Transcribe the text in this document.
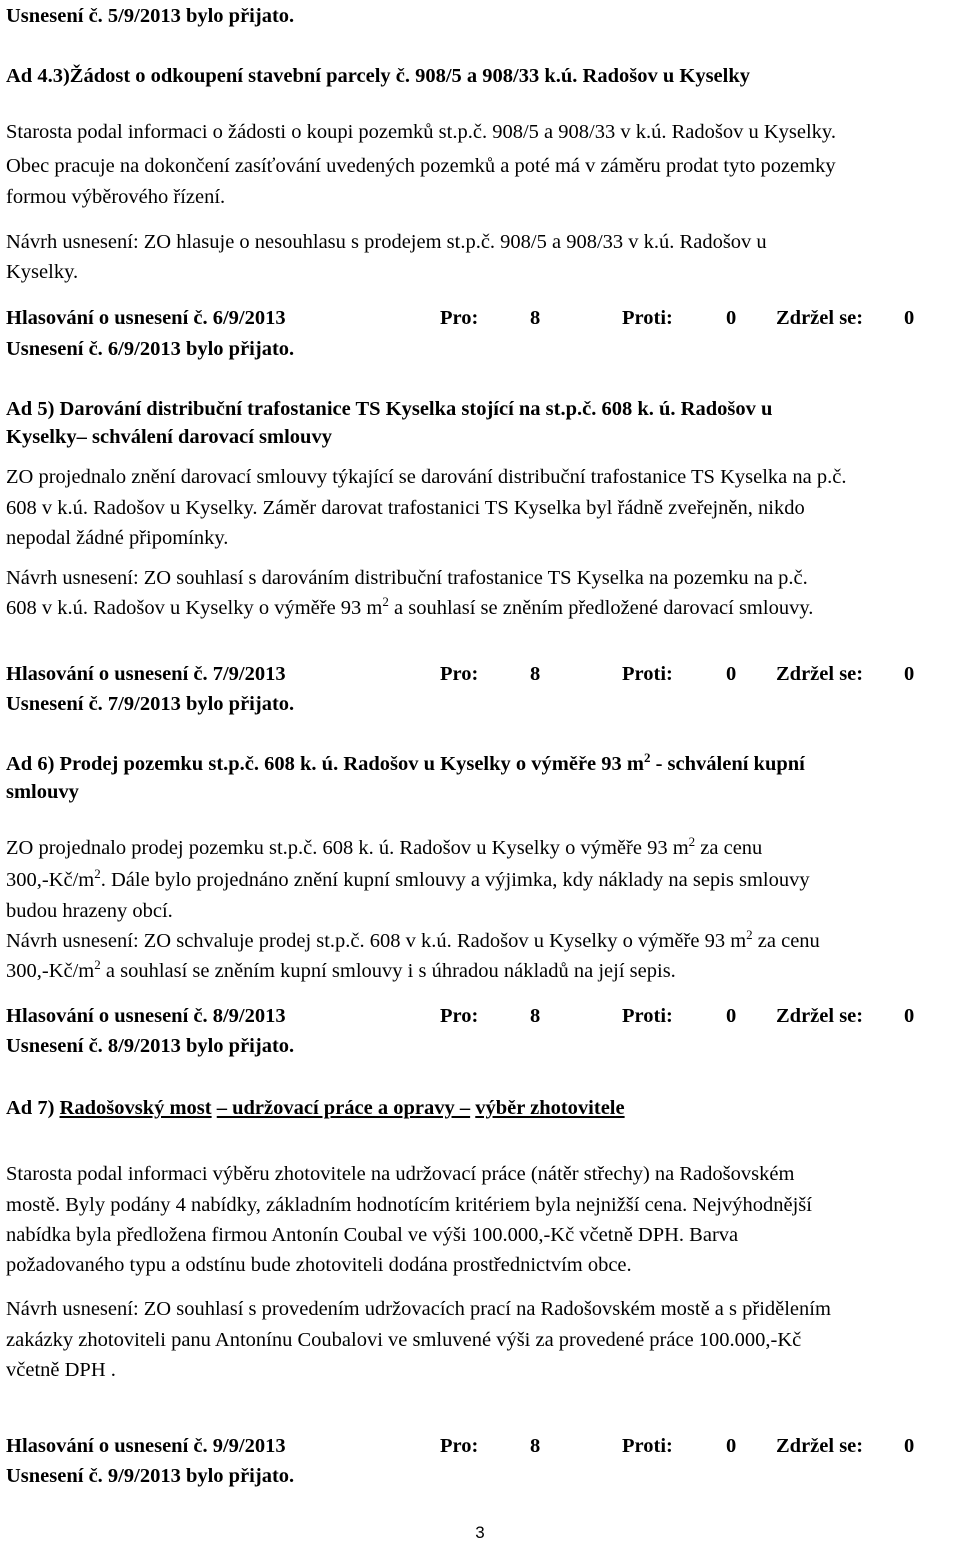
Usnesení č. 5/9/2013 bylo přijato.
Ad 4.3)Žádost o odkoupení stavební parcely č. 908/5 a 908/33 k.ú. Radošov u Kyselky
Starosta podal informaci o žádosti o koupi pozemků st.p.č. 908/5 a 908/33 v k.ú. Radošov u Kyselky.
Obec pracuje na dokončení zasíťování uvedených pozemků a poté má v záměru prodat tyto pozemky
formou výběrového řízení.
Návrh usnesení: ZO hlasuje o nesouhlasu s prodejem st.p.č. 908/5 a 908/33 v k.ú. Radošov u
Kyselky.
Hlasování o usnesení č. 6/9/2013	Pro:	8	Proti:	0 Zdržel se: 0
Usnesení č. 6/9/2013 bylo přijato.
Ad 5) Darování distribuční trafostanice TS Kyselka stojící na st.p.č. 608 k. ú. Radošov u
Kyselky– schválení darovací smlouvy
ZO projednalo znění darovací smlouvy týkající se darování distribuční trafostanice TS Kyselka na p.č.
608 v k.ú. Radošov u Kyselky. Záměr darovat trafostanici TS Kyselka byl řádně zveřejněn, nikdo
nepodal žádné připomínky.
Návrh usnesení: ZO souhlasí s darováním distribuční trafostanice TS Kyselka na pozemku na p.č.
608 v k.ú. Radošov u Kyselky o výměře 93 $m^2$ a souhlasí se zněním předložené darovací smlouvy.
Hlasování o usnesení č. 7/9/2013	Pro:	8	Proti:	0 Zdržel se: 0
Usnesení č. 7/9/2013 bylo přijato.
Ad 6) Prodej pozemku st.p.č. 608 k. ú. Radošov u Kyselky o výměře 93 $m^2$ - schválení kupní
smlouvy
ZO projednalo prodej pozemku st.p.č. 608 k. ú. Radošov u Kyselky o výměře 93 $m^2$ za cenu
$300,-Kč/m^2$. Dále bylo projednáno znění kupní smlouvy a výjimka, kdy náklady na sepis smlouvy
budou hrazeny obcí.
Návrh usnesení: ZO schvaluje prodej st.p.č. 608 v k.ú. Radošov u Kyselky o výměře 93 $m^2$ za cenu
$300,-Kč/m^2$ a souhlasí se zněním kupní smlouvy i s úhradou nákladů na její sepis.
Hlasování o usnesení č. 8/9/2013	Pro:	8	Proti:	0 Zdržel se: 0
Usnesení č. 8/9/2013 bylo přijato.
Ad 7) Radošovský most – udržovací práce a opravy – výběr zhotovitele
Starosta podal informaci výběru zhotovitele na udržovací práce (nátěr střechy) na Radošovském
mostě. Byly podány 4 nabídky, základním hodnotícím kritériem byla nejnižší cena. Nejvýhodnější
nabídka byla předložena firmou Antonín Coubal ve výši 100.000,-Kč včetně DPH. Barva
požadovaného typu a odstínu bude zhotoviteli dodána prostřednictvím obce.
Návrh usnesení: ZO souhlasí s provedením udržovacích prací na Radošovském mostě a s přidělením
zakázky zhotoviteli panu Antonínu Coubalovi ve smluvené výši za provedené práce 100.000,-Kč
včetně DPH .
Hlasování o usnesení č. 9/9/2013	Pro:	8	Proti:	0 Zdržel se: 0
Usnesení č. 9/9/2013 bylo přijato.
3
